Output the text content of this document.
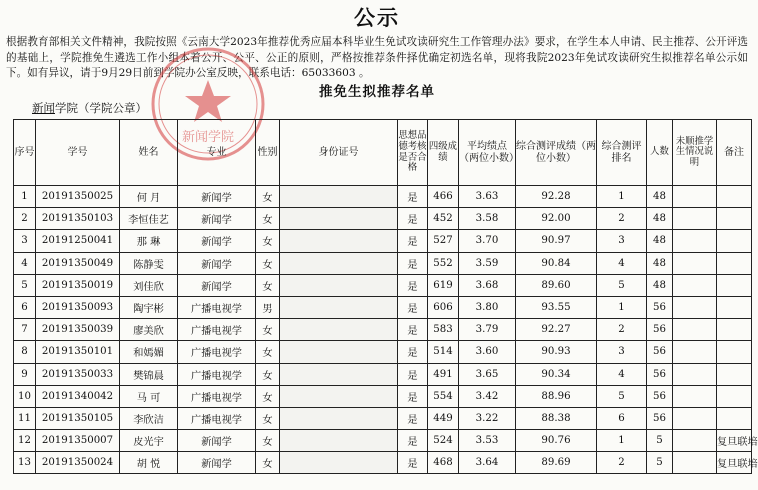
公示
根据教育部相关文件精神，我院按照《云南大学2023年推荐优秀应届本科毕业生免试攻读研究生工作管理办法》要求，在学生本人申请、民主推荐、公开评选的基础上，学院推免生遴选工作小组本着公开、公平、公正的原则，严格按推荐条件择优确定初选名单，现将我院2023年免试攻读研究生拟推荐名单公示如下。如有异议，请于9月29日前到学院办公室反映，联系电话：65033603 。
推免生拟推荐名单
新闻学院（学院公章）
新闻学院
序号	学号	姓名	专业	性别	身份证号	思想品德考核是否合格	四级成绩	平均绩点（两位小数）	综合测评成绩（两位小数）	综合测评排名	人数	未顺推学生情况说明	备注
1	20191350025	何 月	新闻学	女		是	466	3.63	92.28	1	48		
2	20191350103	李恒佳艺	新闻学	女		是	452	3.58	92.00	2	48		
3	20191250041	那 琳	新闻学	女		是	527	3.70	90.97	3	48		
4	20191350049	陈静雯	新闻学	女		是	552	3.59	90.84	4	48		
5	20191350019	刘佳欣	新闻学	女		是	619	3.68	89.60	5	48		
6	20191350093	陶宇彬	广播电视学	男		是	606	3.80	93.55	1	56		
7	20191350039	廖美欣	广播电视学	女		是	583	3.79	92.27	2	56		
8	20191350101	和嫣媚	广播电视学	女		是	514	3.60	90.93	3	56		
9	20191350033	樊锦晨	广播电视学	女		是	491	3.65	90.34	4	56		
10	20191340042	马 可	广播电视学	女		是	554	3.42	88.96	5	56		
11	20191350105	李欣洁	广播电视学	女		是	449	3.22	88.38	6	56		
12	20191350007	皮光宇	新闻学	女		是	524	3.53	90.76	1	5		复旦联培
13	20191350024	胡 悦	新闻学	女		是	468	3.64	89.69	2	5		复旦联培
